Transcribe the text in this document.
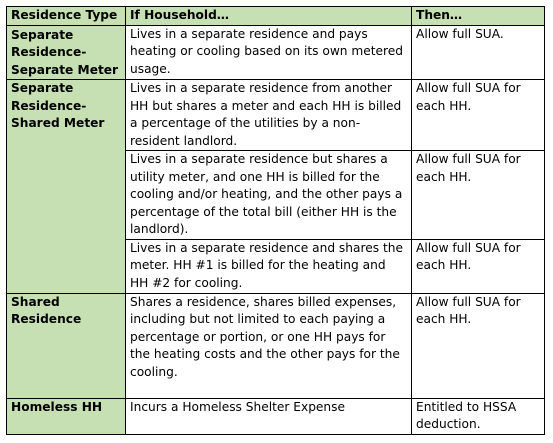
Residence Type	If Household…	Then…
Separate Residence-Separate Meter	Lives in a separate residence and pays heating or cooling based on its own metered usage.	Allow full SUA.
Separate Residence-Shared Meter	Lives in a separate residence from another HH but shares a meter and each HH is billed a percentage of the utilities by a non-resident landlord.	Allow full SUA for each HH.
	Lives in a separate residence but shares a utility meter, and one HH is billed for the cooling and/or heating, and the other pays a percentage of the total bill (either HH is the landlord).	Allow full SUA for each HH.
	Lives in a separate residence and shares the meter. HH #1 is billed for the heating and HH #2 for cooling.	Allow full SUA for each HH.
Shared Residence	Shares a residence, shares billed expenses, including but not limited to each paying a percentage or portion, or one HH pays for the heating costs and the other pays for the cooling.	Allow full SUA for each HH.
Homeless HH	Incurs a Homeless Shelter Expense	Entitled to HSSA deduction.
